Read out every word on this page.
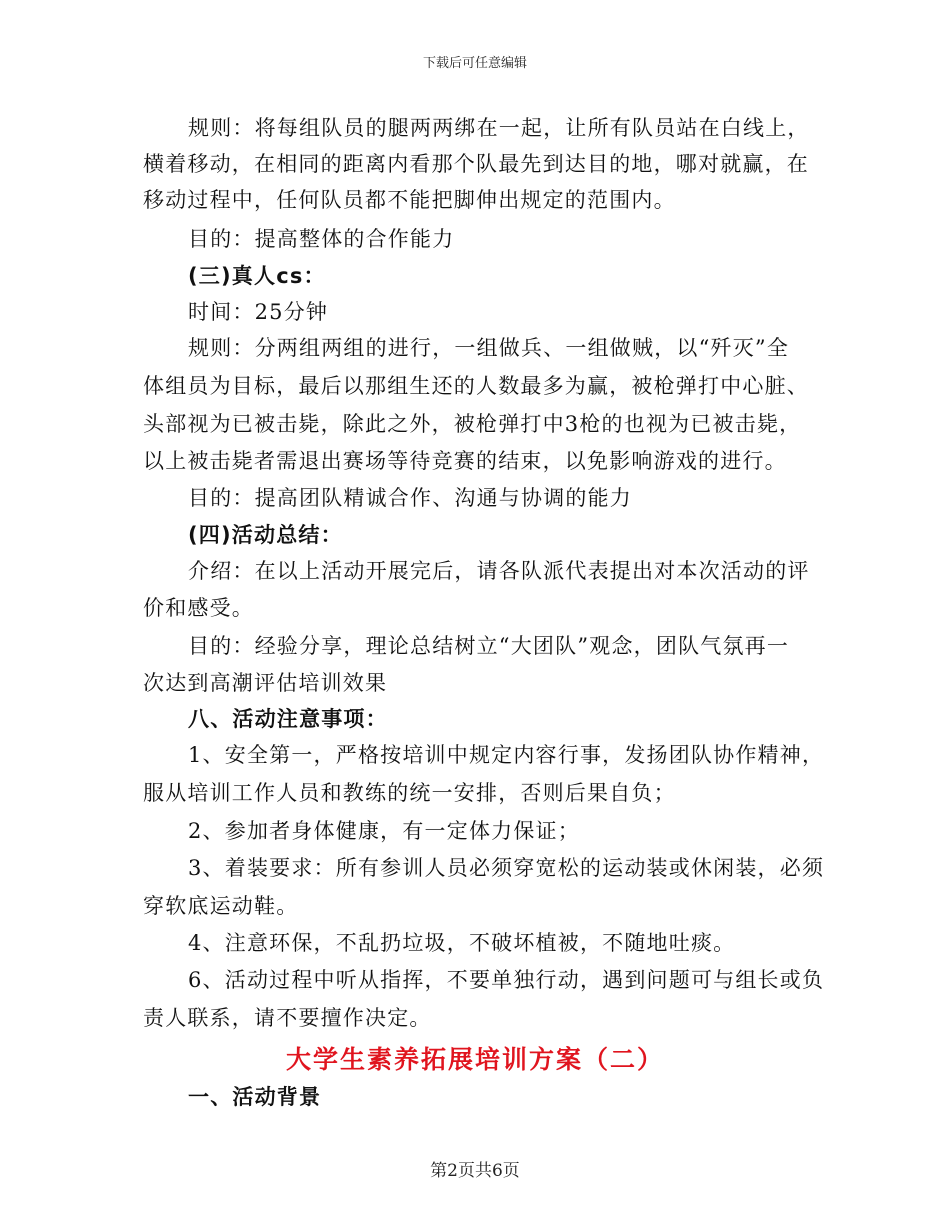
下载后可任意编辑
规则：将每组队员的腿两两绑在一起，让所有队员站在白线上，
横着移动，在相同的距离内看那个队最先到达目的地，哪对就赢，在
移动过程中，任何队员都不能把脚伸出规定的范围内。
目的：提高整体的合作能力
(三)真人cs：
时间：25分钟
规则：分两组两组的进行，一组做兵、一组做贼，以“歼灭”全
体组员为目标，最后以那组生还的人数最多为赢，被枪弹打中心脏、
头部视为已被击毙，除此之外，被枪弹打中3枪的也视为已被击毙，
以上被击毙者需退出赛场等待竞赛的结束，以免影响游戏的进行。
目的：提高团队精诚合作、沟通与协调的能力
(四)活动总结：
介绍：在以上活动开展完后，请各队派代表提出对本次活动的评
价和感受。
目的：经验分享，理论总结树立“大团队”观念，团队气氛再一
次达到高潮评估培训效果
八、活动注意事项：
1、安全第一，严格按培训中规定内容行事，发扬团队协作精神，
服从培训工作人员和教练的统一安排，否则后果自负；
2、参加者身体健康，有一定体力保证；
3、着装要求：所有参训人员必须穿宽松的运动装或休闲装，必须
穿软底运动鞋。
4、注意环保，不乱扔垃圾，不破坏植被，不随地吐痰。
6、活动过程中听从指挥，不要单独行动，遇到问题可与组长或负
责人联系，请不要擅作决定。
大学生素养拓展培训方案（二）
一、活动背景
第2页共6页
